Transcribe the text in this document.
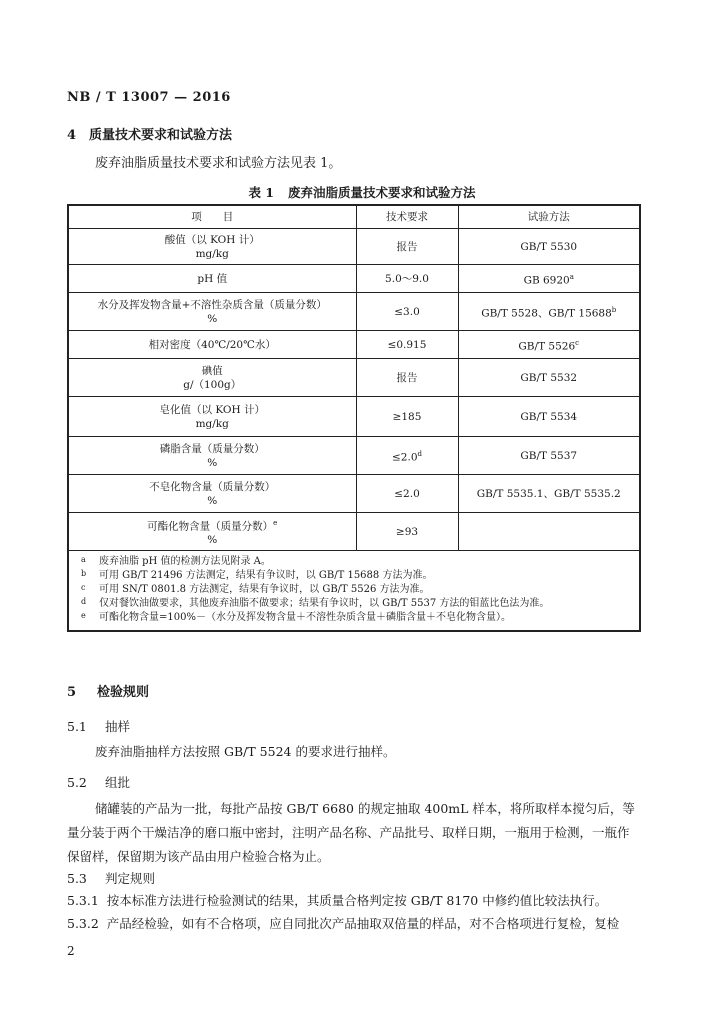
NB / T 13007 — 2016
4 质量技术要求和试验方法
废弃油脂质量技术要求和试验方法见表 1。
表 1 废弃油脂质量技术要求和试验方法
项　　目	技术要求	试验方法

酸值（以 KOH 计）
mg/kg	报告	GB/T 5530

pH 值	5.0～9.0	GB 6920$^a$

水分及挥发物含量+不溶性杂质含量（质量分数）
%	≤3.0	GB/T 5528、GB/T 15688$^b$

相对密度（40℃/20℃水）	≤0.915	GB/T 5526$^c$

碘值
g/（100g）	报告	GB/T 5532

皂化值（以 KOH 计）
mg/kg	≥185	GB/T 5534

磷脂含量（质量分数）
%	≤2.0$^d$	GB/T 5537

不皂化物含量（质量分数）
%	≤2.0	GB/T 5535.1、GB/T 5535.2

可酯化物含量（质量分数）$^e$
%	≥93	

a 废弃油脂 pH 值的检测方法见附录 A。
b 可用 GB/T 21496 方法测定，结果有争议时，以 GB/T 15688 方法为准。
c 可用 SN/T 0801.8 方法测定，结果有争议时，以 GB/T 5526 方法为准。
d 仅对餐饮油做要求，其他废弃油脂不做要求；结果有争议时，以 GB/T 5537 方法的钼蓝比色法为准。
e 可酯化物含量=100%－（水分及挥发物含量＋不溶性杂质含量＋磷脂含量＋不皂化物含量）。		
5 检验规则
5.1 抽样
废弃油脂抽样方法按照 GB/T 5524 的要求进行抽样。
5.2 组批
储罐装的产品为一批，每批产品按 GB/T 6680 的规定抽取 400mL 样本，将所取样本搅匀后，等量分装于两个干燥洁净的磨口瓶中密封，注明产品名称、产品批号、取样日期，一瓶用于检测，一瓶作保留样，保留期为该产品由用户检验合格为止。
5.3 判定规则
5.3.1 按本标准方法进行检验测试的结果，其质量合格判定按 GB/T 8170 中修约值比较法执行。
5.3.2 产品经检验，如有不合格项，应自同批次产品抽取双倍量的样品，对不合格项进行复检，复检
2
